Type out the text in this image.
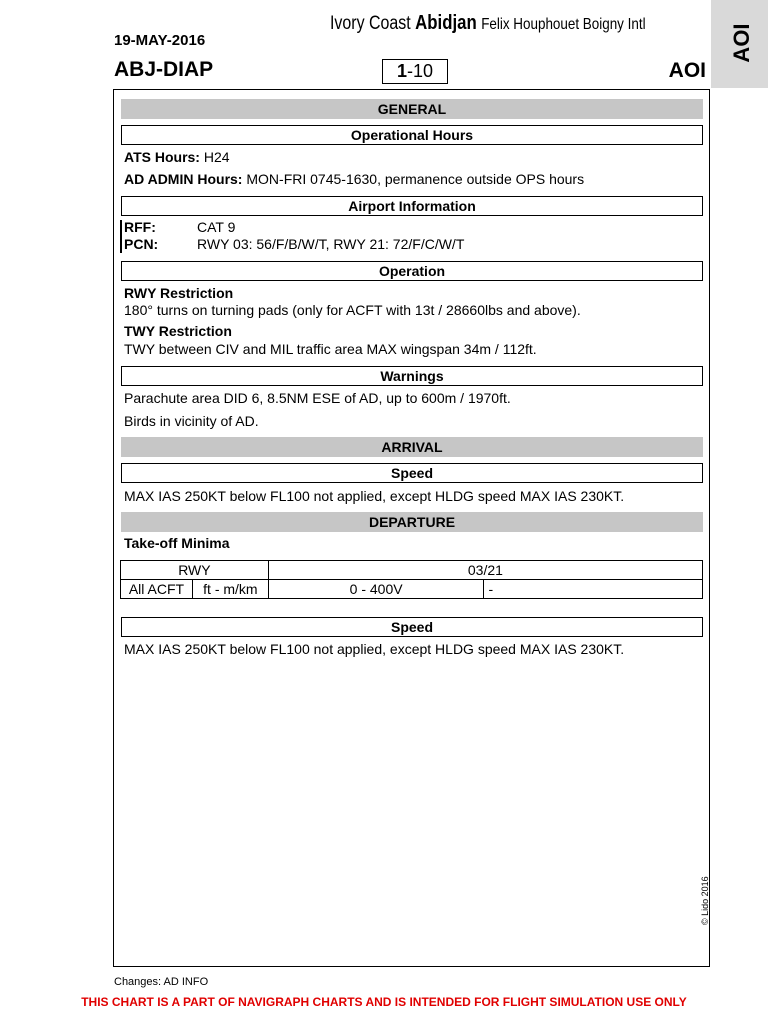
19-MAY-2016
Ivory Coast Abidjan Felix Houphouet Boigny Intl
ABJ-DIAP	1-10	AOI
AOI
GENERAL
Operational Hours
ATS Hours: H24
AD ADMIN Hours: MON-FRI 0745-1630, permanence outside OPS hours
Airport Information
RFF:	CAT 9
PCN:	RWY 03: 56/F/B/W/T, RWY 21: 72/F/C/W/T
Operation
RWY Restriction
180° turns on turning pads (only for ACFT with 13t / 28660lbs and above).
TWY Restriction
TWY between CIV and MIL traffic area MAX wingspan 34m / 112ft.
Warnings
Parachute area DID 6, 8.5NM ESE of AD, up to 600m / 1970ft.
Birds in vicinity of AD.
ARRIVAL
Speed
MAX IAS 250KT below FL100 not applied, except HLDG speed MAX IAS 230KT.
DEPARTURE
Take-off Minima
RWY		03/21	
All ACFT	ft - m/km	0 - 400V	-
Speed
MAX IAS 250KT below FL100 not applied, except HLDG speed MAX IAS 230KT.
© Lido 2016
Changes: AD INFO
THIS CHART IS A PART OF NAVIGRAPH CHARTS AND IS INTENDED FOR FLIGHT SIMULATION USE ONLY
